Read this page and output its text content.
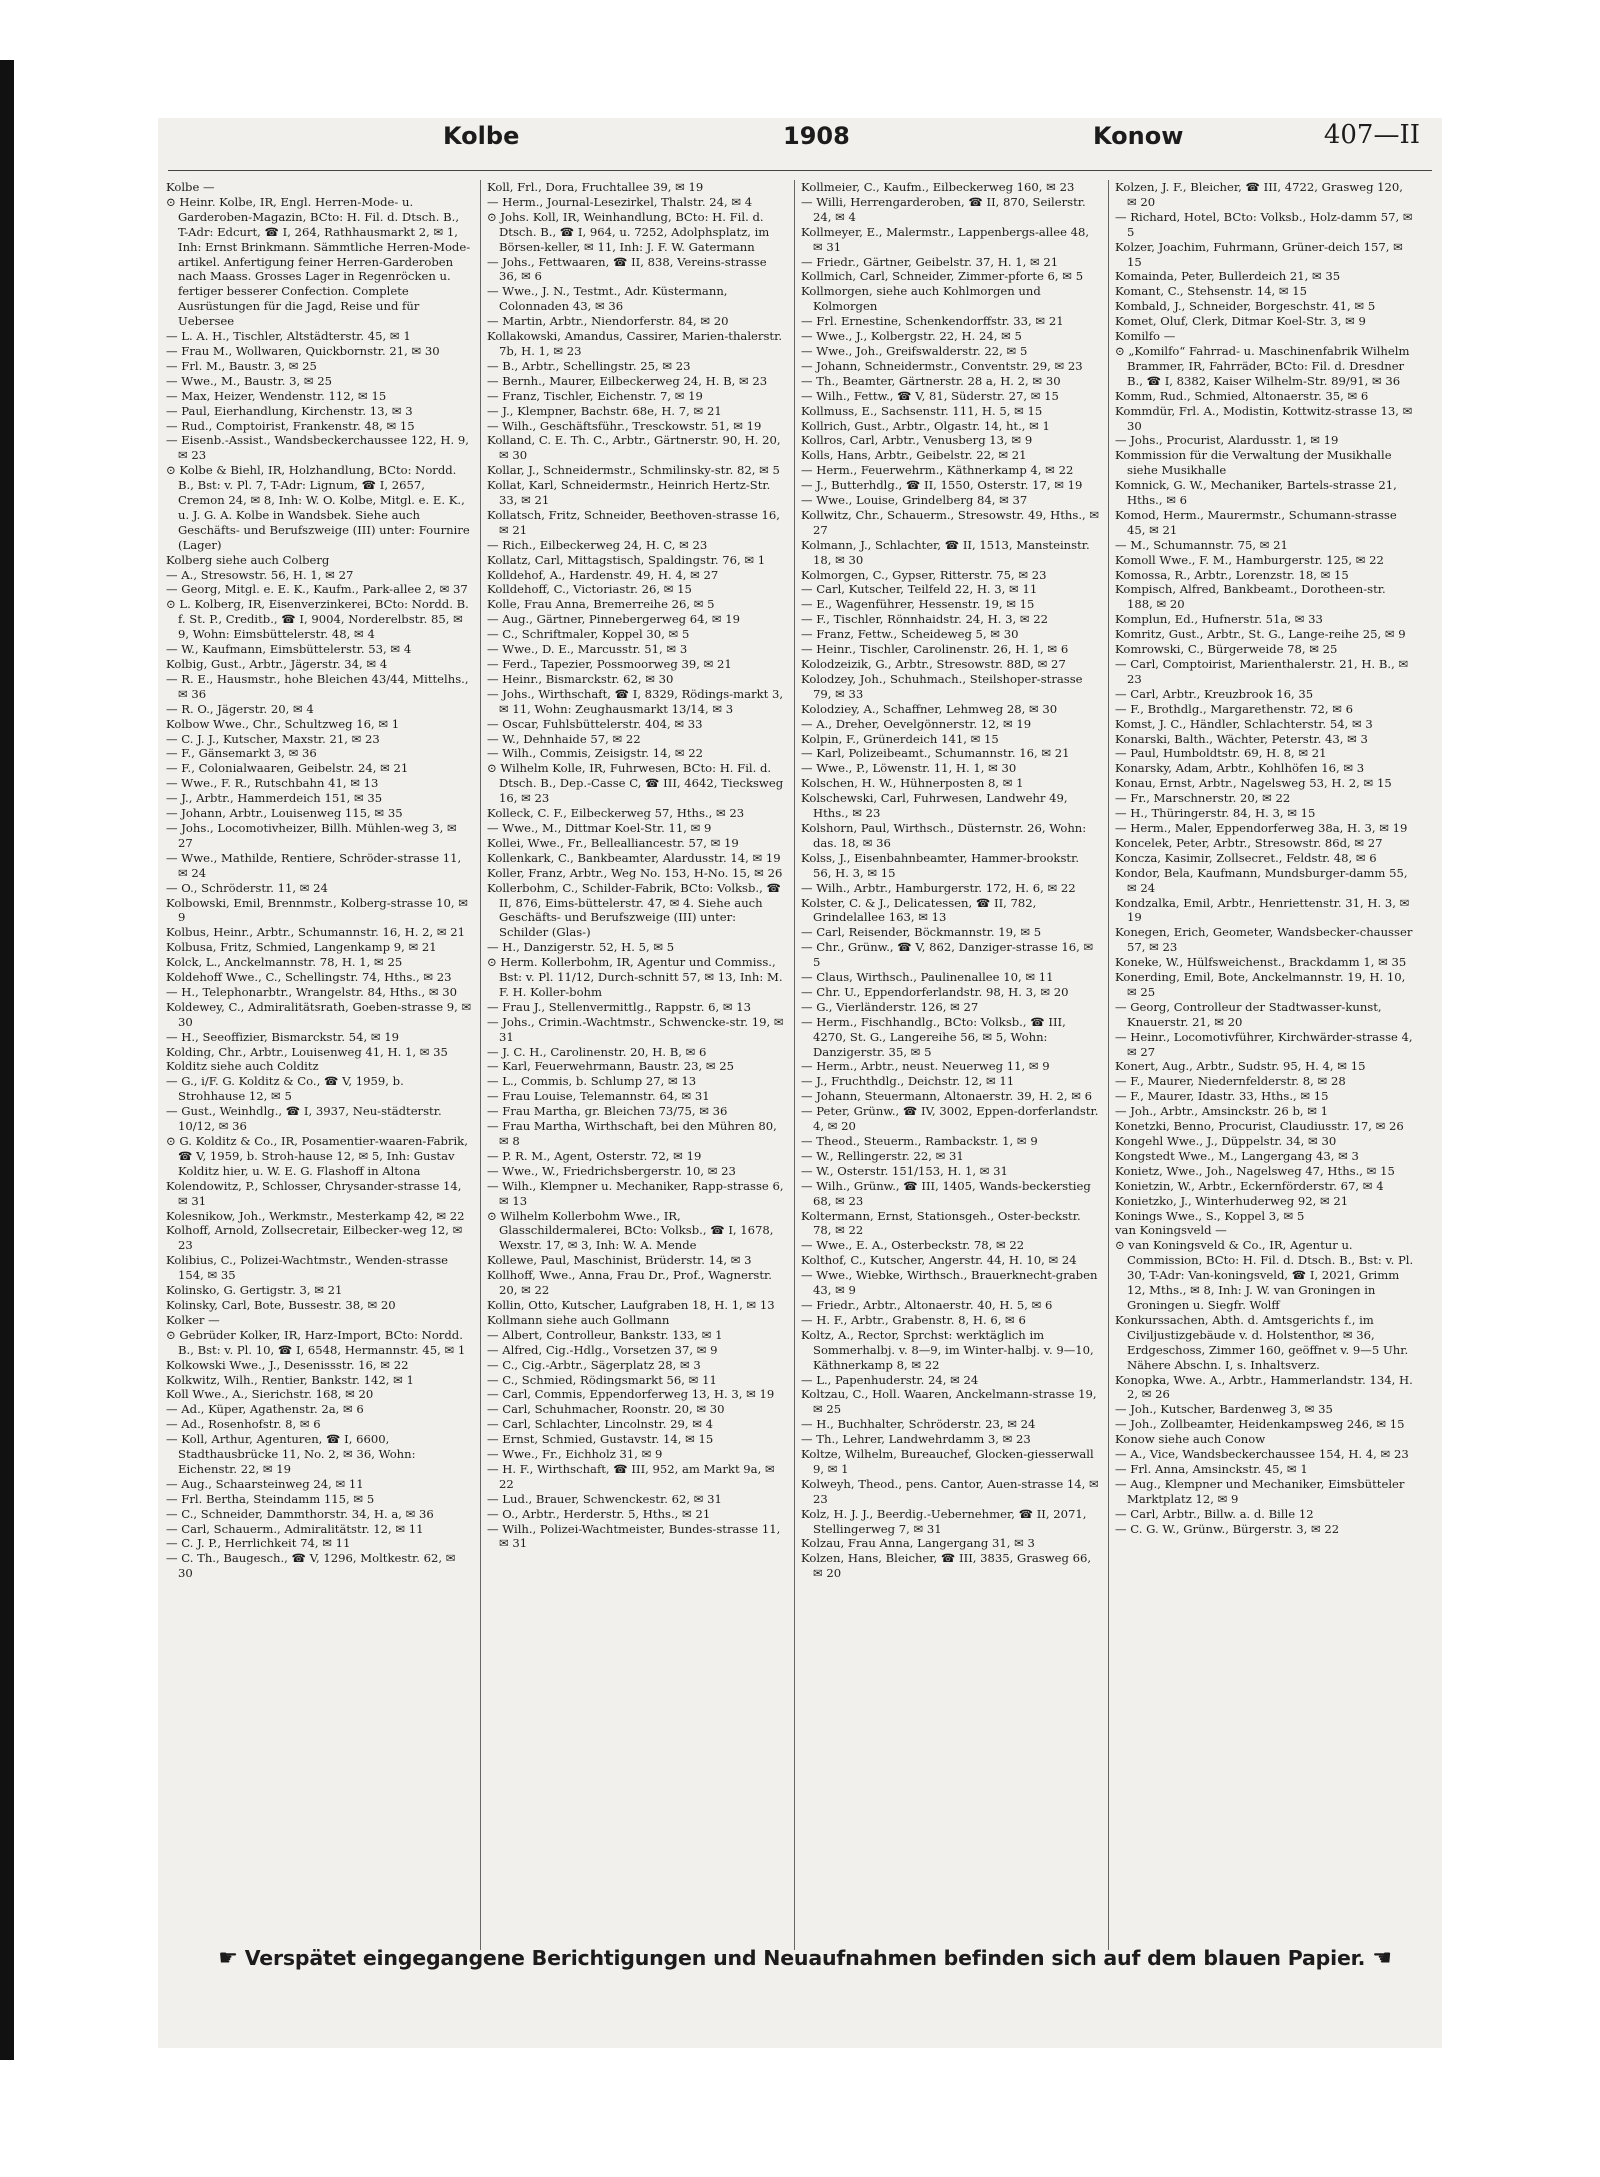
Kolbe	1908	Konow	407—II

Kolbe —

⊙ Heinr. Kolbe, IR, Engl. Herren-Mode- u. Garderoben-Magazin, BCto: H. Fil. d. Dtsch. B., T-Adr: Edcurt, ☎ I, 264, Rathhausmarkt 2, ✉ 1, Inh: Ernst Brinkmann. Sämmtliche Herren-Mode-artikel. Anfertigung feiner Herren-Garderoben nach Maass. Grosses Lager in Regenröcken u. fertiger besserer Confection. Complete Ausrüstungen für die Jagd, Reise und für Uebersee

— L. A. H., Tischler, Altstädterstr. 45, ✉ 1

— Frau M., Wollwaren, Quickbornstr. 21, ✉ 30

— Frl. M., Baustr. 3, ✉ 25

— Wwe., M., Baustr. 3, ✉ 25

— Max, Heizer, Wendenstr. 112, ✉ 15

— Paul, Eierhandlung, Kirchenstr. 13, ✉ 3

— Rud., Comptoirist, Frankenstr. 48, ✉ 15

— Eisenb.-Assist., Wandsbeckerchaussee 122, H. 9, ✉ 23

⊙ Kolbe & Biehl, IR, Holzhandlung, BCto: Nordd. B., Bst: v. Pl. 7, T-Adr: Lignum, ☎ I, 2657, Cremon 24, ✉ 8, Inh: W. O. Kolbe, Mitgl. e. E. K., u. J. G. A. Kolbe in Wandsbek. Siehe auch Geschäfts- und Berufszweige (III) unter: Fournire (Lager)

Kolberg siehe auch Colberg

— A., Stresowstr. 56, H. 1, ✉ 27

— Georg, Mitgl. e. E. K., Kaufm., Park-allee 2, ✉ 37

⊙ L. Kolberg, IR, Eisenverzinkerei, BCto: Nordd. B. f. St. P., Creditb., ☎ I, 9004, Norderelbstr. 85, ✉ 9, Wohn: Eimsbüttelerstr. 48, ✉ 4

— W., Kaufmann, Eimsbüttelerstr. 53, ✉ 4

Kolbig, Gust., Arbtr., Jägerstr. 34, ✉ 4

— R. E., Hausmstr., hohe Bleichen 43/44, Mittelhs., ✉ 36

— R. O., Jägerstr. 20, ✉ 4

Kolbow Wwe., Chr., Schultzweg 16, ✉ 1

— C. J. J., Kutscher, Maxstr. 21, ✉ 23

— F., Gänsemarkt 3, ✉ 36

— F., Colonialwaaren, Geibelstr. 24, ✉ 21

— Wwe., F. R., Rutschbahn 41, ✉ 13

— J., Arbtr., Hammerdeich 151, ✉ 35

— Johann, Arbtr., Louisenweg 115, ✉ 35

— Johs., Locomotivheizer, Billh. Mühlen-weg 3, ✉ 27

— Wwe., Mathilde, Rentiere, Schröder-strasse 11, ✉ 24

— O., Schröderstr. 11, ✉ 24

Kolbowski, Emil, Brennmstr., Kolberg-strasse 10, ✉ 9

Kolbus, Heinr., Arbtr., Schumannstr. 16, H. 2, ✉ 21

Kolbusa, Fritz, Schmied, Langenkamp 9, ✉ 21

Kolck, L., Anckelmannstr. 78, H. 1, ✉ 25

Koldehoff Wwe., C., Schellingstr. 74, Hths., ✉ 23

— H., Telephonarbtr., Wrangelstr. 84, Hths., ✉ 30

Koldewey, C., Admiralitätsrath, Goeben-strasse 9, ✉ 30

— H., Seeoffizier, Bismarckstr. 54, ✉ 19

Kolding, Chr., Arbtr., Louisenweg 41, H. 1, ✉ 35

Kolditz siehe auch Colditz

— G., i/F. G. Kolditz & Co., ☎ V, 1959, b. Strohhause 12, ✉ 5

— Gust., Weinhdlg., ☎ I, 3937, Neu-städterstr. 10/12, ✉ 36

⊙ G. Kolditz & Co., IR, Posamentier-waaren-Fabrik, ☎ V, 1959, b. Stroh-hause 12, ✉ 5, Inh: Gustav Kolditz hier, u. W. E. G. Flashoff in Altona

Kolendowitz, P., Schlosser, Chrysander-strasse 14, ✉ 31

Kolesnikow, Joh., Werkmstr., Mesterkamp 42, ✉ 22

Kolhoff, Arnold, Zollsecretair, Eilbecker-weg 12, ✉ 23

Kolibius, C., Polizei-Wachtmstr., Wenden-strasse 154, ✉ 35

Kolinsko, G. Gertigstr. 3, ✉ 21

Kolinsky, Carl, Bote, Bussestr. 38, ✉ 20

Kolker —

⊙ Gebrüder Kolker, IR, Harz-Import, BCto: Nordd. B., Bst: v. Pl. 10, ☎ I, 6548, Hermannstr. 45, ✉ 1

Kolkowski Wwe., J., Desenissstr. 16, ✉ 22

Kolkwitz, Wilh., Rentier, Bankstr. 142, ✉ 1

Koll Wwe., A., Sierichstr. 168, ✉ 20

— Ad., Küper, Agathenstr. 2a, ✉ 6

— Ad., Rosenhofstr. 8, ✉ 6

— Koll, Arthur, Agenturen, ☎ I, 6600, Stadthausbrücke 11, No. 2, ✉ 36, Wohn: Eichenstr. 22, ✉ 19

— Aug., Schaarsteinweg 24, ✉ 11

— Frl. Bertha, Steindamm 115, ✉ 5

— C., Schneider, Dammthorstr. 34, H. a, ✉ 36

— Carl, Schauerm., Admiralitätstr. 12, ✉ 11

— C. J. P., Herrlichkeit 74, ✉ 11

— C. Th., Baugesch., ☎ V, 1296, Moltkestr. 62, ✉ 30

Koll, Frl., Dora, Fruchtallee 39, ✉ 19

— Herm., Journal-Lesezirkel, Thalstr. 24, ✉ 4

⊙ Johs. Koll, IR, Weinhandlung, BCto: H. Fil. d. Dtsch. B., ☎ I, 964, u. 7252, Adolphsplatz, im Börsen-keller, ✉ 11, Inh: J. F. W. Gatermann

— Johs., Fettwaaren, ☎ II, 838, Vereins-strasse 36, ✉ 6

— Wwe., J. N., Testmt., Adr. Küstermann, Colonnaden 43, ✉ 36

— Martin, Arbtr., Niendorferstr. 84, ✉ 20

Kollakowski, Amandus, Cassirer, Marien-thalerstr. 7b, H. 1, ✉ 23

— B., Arbtr., Schellingstr. 25, ✉ 23

— Bernh., Maurer, Eilbeckerweg 24, H. B, ✉ 23

— Franz, Tischler, Eichenstr. 7, ✉ 19

— J., Klempner, Bachstr. 68e, H. 7, ✉ 21

— Wilh., Geschäftsführ., Tresckowstr. 51, ✉ 19

Kolland, C. E. Th. C., Arbtr., Gärtnerstr. 90, H. 20, ✉ 30

Kollar, J., Schneidermstr., Schmilinsky-str. 82, ✉ 5

Kollat, Karl, Schneidermstr., Heinrich Hertz-Str. 33, ✉ 21

Kollatsch, Fritz, Schneider, Beethoven-strasse 16, ✉ 21

— Rich., Eilbeckerweg 24, H. C, ✉ 23

Kollatz, Carl, Mittagstisch, Spaldingstr. 76, ✉ 1

Kolldehof, A., Hardenstr. 49, H. 4, ✉ 27

Kolldehoff, C., Victoriastr. 26, ✉ 15

Kolle, Frau Anna, Bremerreihe 26, ✉ 5

— Aug., Gärtner, Pinnebergerweg 64, ✉ 19

— C., Schriftmaler, Koppel 30, ✉ 5

— Wwe., D. E., Marcusstr. 51, ✉ 3

— Ferd., Tapezier, Possmoorweg 39, ✉ 21

— Heinr., Bismarckstr. 62, ✉ 30

— Johs., Wirthschaft, ☎ I, 8329, Rödings-markt 3, ✉ 11, Wohn: Zeughausmarkt 13/14, ✉ 3

— Oscar, Fuhlsbüttelerstr. 404, ✉ 33

— W., Dehnhaide 57, ✉ 22

— Wilh., Commis, Zeisigstr. 14, ✉ 22

⊙ Wilhelm Kolle, IR, Fuhrwesen, BCto: H. Fil. d. Dtsch. B., Dep.-Casse C, ☎ III, 4642, Tiecksweg 16, ✉ 23

Kolleck, C. F., Eilbeckerweg 57, Hths., ✉ 23

— Wwe., M., Dittmar Koel-Str. 11, ✉ 9

Kollei, Wwe., Fr., Bellealliancestr. 57, ✉ 19

Kollenkark, C., Bankbeamter, Alardusstr. 14, ✉ 19

Koller, Franz, Arbtr., Weg No. 153, H-No. 15, ✉ 26

Kollerbohm, C., Schilder-Fabrik, BCto: Volksb., ☎ II, 876, Eims-büttelerstr. 47, ✉ 4. Siehe auch Geschäfts- und Berufszweige (III) unter: Schilder (Glas-)

— H., Danzigerstr. 52, H. 5, ✉ 5

⊙ Herm. Kollerbohm, IR, Agentur und Commiss., Bst: v. Pl. 11/12, Durch-schnitt 57, ✉ 13, Inh: M. F. H. Koller-bohm

— Frau J., Stellenvermittlg., Rappstr. 6, ✉ 13

— Johs., Crimin.-Wachtmstr., Schwencke-str. 19, ✉ 31

— J. C. H., Carolinenstr. 20, H. B, ✉ 6

— Karl, Feuerwehrmann, Baustr. 23, ✉ 25

— L., Commis, b. Schlump 27, ✉ 13

— Frau Louise, Telemannstr. 64, ✉ 31

— Frau Martha, gr. Bleichen 73/75, ✉ 36

— Frau Martha, Wirthschaft, bei den Mühren 80, ✉ 8

— P. R. M., Agent, Osterstr. 72, ✉ 19

— Wwe., W., Friedrichsbergerstr. 10, ✉ 23

— Wilh., Klempner u. Mechaniker, Rapp-strasse 6, ✉ 13

⊙ Wilhelm Kollerbohm Wwe., IR, Glasschildermalerei, BCto: Volksb., ☎ I, 1678, Wexstr. 17, ✉ 3, Inh: W. A. Mende

Kollewe, Paul, Maschinist, Brüderstr. 14, ✉ 3

Kollhoff, Wwe., Anna, Frau Dr., Prof., Wagnerstr. 20, ✉ 22

Kollin, Otto, Kutscher, Laufgraben 18, H. 1, ✉ 13

Kollmann siehe auch Gollmann

— Albert, Controlleur, Bankstr. 133, ✉ 1

— Alfred, Cig.-Hdlg., Vorsetzen 37, ✉ 9

— C., Cig.-Arbtr., Sägerplatz 28, ✉ 3

— C., Schmied, Rödingsmarkt 56, ✉ 11

— Carl, Commis, Eppendorferweg 13, H. 3, ✉ 19

— Carl, Schuhmacher, Roonstr. 20, ✉ 30

— Carl, Schlachter, Lincolnstr. 29, ✉ 4

— Ernst, Schmied, Gustavstr. 14, ✉ 15

— Wwe., Fr., Eichholz 31, ✉ 9

— H. F., Wirthschaft, ☎ III, 952, am Markt 9a, ✉ 22

— Lud., Brauer, Schwenckestr. 62, ✉ 31

— O., Arbtr., Herderstr. 5, Hths., ✉ 21

— Wilh., Polizei-Wachtmeister, Bundes-strasse 11, ✉ 31

Kollmeier, C., Kaufm., Eilbeckerweg 160, ✉ 23

— Willi, Herrengarderoben, ☎ II, 870, Seilerstr. 24, ✉ 4

Kollmeyer, E., Malermstr., Lappenbergs-allee 48, ✉ 31

— Friedr., Gärtner, Geibelstr. 37, H. 1, ✉ 21

Kollmich, Carl, Schneider, Zimmer-pforte 6, ✉ 5

Kollmorgen, siehe auch Kohlmorgen und Kolmorgen

— Frl. Ernestine, Schenkendorffstr. 33, ✉ 21

— Wwe., J., Kolbergstr. 22, H. 24, ✉ 5

— Wwe., Joh., Greifswalderstr. 22, ✉ 5

— Johann, Schneidermstr., Conventstr. 29, ✉ 23

— Th., Beamter, Gärtnerstr. 28 a, H. 2, ✉ 30

— Wilh., Fettw., ☎ V, 81, Süderstr. 27, ✉ 15

Kollmuss, E., Sachsenstr. 111, H. 5, ✉ 15

Kollrich, Gust., Arbtr., Olgastr. 14, ht., ✉ 1

Kollros, Carl, Arbtr., Venusberg 13, ✉ 9

Kolls, Hans, Arbtr., Geibelstr. 22, ✉ 21

— Herm., Feuerwehrm., Käthnerkamp 4, ✉ 22

— J., Butterhdlg., ☎ II, 1550, Osterstr. 17, ✉ 19

— Wwe., Louise, Grindelberg 84, ✉ 37

Kollwitz, Chr., Schauerm., Stresowstr. 49, Hths., ✉ 27

Kolmann, J., Schlachter, ☎ II, 1513, Mansteinstr. 18, ✉ 30

Kolmorgen, C., Gypser, Ritterstr. 75, ✉ 23

— Carl, Kutscher, Teilfeld 22, H. 3, ✉ 11

— E., Wagenführer, Hessenstr. 19, ✉ 15

— F., Tischler, Rönnhaidstr. 24, H. 3, ✉ 22

— Franz, Fettw., Scheideweg 5, ✉ 30

— Heinr., Tischler, Carolinenstr. 26, H. 1, ✉ 6

Kolodzeizik, G., Arbtr., Stresowstr. 88D, ✉ 27

Kolodzey, Joh., Schuhmach., Steilshoper-strasse 79, ✉ 33

Kolodziey, A., Schaffner, Lehmweg 28, ✉ 30

— A., Dreher, Oevelgönnerstr. 12, ✉ 19

Kolpin, F., Grünerdeich 141, ✉ 15

— Karl, Polizeibeamt., Schumannstr. 16, ✉ 21

— Wwe., P., Löwenstr. 11, H. 1, ✉ 30

Kolschen, H. W., Hühnerposten 8, ✉ 1

Kolschewski, Carl, Fuhrwesen, Landwehr 49, Hths., ✉ 23

Kolshorn, Paul, Wirthsch., Düsternstr. 26, Wohn: das. 18, ✉ 36

Kolss, J., Eisenbahnbeamter, Hammer-brookstr. 56, H. 3, ✉ 15

— Wilh., Arbtr., Hamburgerstr. 172, H. 6, ✉ 22

Kolster, C. & J., Delicatessen, ☎ II, 782, Grindelallee 163, ✉ 13

— Carl, Reisender, Böckmannstr. 19, ✉ 5

— Chr., Grünw., ☎ V, 862, Danziger-strasse 16, ✉ 5

— Claus, Wirthsch., Paulinenallee 10, ✉ 11

— Chr. U., Eppendorferlandstr. 98, H. 3, ✉ 20

— G., Vierländerstr. 126, ✉ 27

— Herm., Fischhandlg., BCto: Volksb., ☎ III, 4270, St. G., Langereihe 56, ✉ 5, Wohn: Danzigerstr. 35, ✉ 5

— Herm., Arbtr., neust. Neuerweg 11, ✉ 9

— J., Fruchthdlg., Deichstr. 12, ✉ 11

— Johann, Steuermann, Altonaerstr. 39, H. 2, ✉ 6

— Peter, Grünw., ☎ IV, 3002, Eppen-dorferlandstr. 4, ✉ 20

— Theod., Steuerm., Rambackstr. 1, ✉ 9

— W., Rellingerstr. 22, ✉ 31

— W., Osterstr. 151/153, H. 1, ✉ 31

— Wilh., Grünw., ☎ III, 1405, Wands-beckerstieg 68, ✉ 23

Koltermann, Ernst, Stationsgeh., Oster-beckstr. 78, ✉ 22

— Wwe., E. A., Osterbeckstr. 78, ✉ 22

Kolthof, C., Kutscher, Angerstr. 44, H. 10, ✉ 24

— Wwe., Wiebke, Wirthsch., Brauerknecht-graben 43, ✉ 9

— Friedr., Arbtr., Altonaerstr. 40, H. 5, ✉ 6

— H. F., Arbtr., Grabenstr. 8, H. 6, ✉ 6

Koltz, A., Rector, Sprchst: werktäglich im Sommerhalbj. v. 8—9, im Winter-halbj. v. 9—10, Käthnerkamp 8, ✉ 22

— L., Papenhuderstr. 24, ✉ 24

Koltzau, C., Holl. Waaren, Anckelmann-strasse 19, ✉ 25

— H., Buchhalter, Schröderstr. 23, ✉ 24

— Th., Lehrer, Landwehrdamm 3, ✉ 23

Koltze, Wilhelm, Bureauchef, Glocken-giesserwall 9, ✉ 1

Kolweyh, Theod., pens. Cantor, Auen-strasse 14, ✉ 23

Kolz, H. J. J., Beerdig.-Uebernehmer, ☎ II, 2071, Stellingerweg 7, ✉ 31

Kolzau, Frau Anna, Langergang 31, ✉ 3

Kolzen, Hans, Bleicher, ☎ III, 3835, Grasweg 66, ✉ 20

Kolzen, J. F., Bleicher, ☎ III, 4722, Grasweg 120, ✉ 20

— Richard, Hotel, BCto: Volksb., Holz-damm 57, ✉ 5

Kolzer, Joachim, Fuhrmann, Grüner-deich 157, ✉ 15

Komainda, Peter, Bullerdeich 21, ✉ 35

Komant, C., Stehsenstr. 14, ✉ 15

Kombald, J., Schneider, Borgeschstr. 41, ✉ 5

Komet, Oluf, Clerk, Ditmar Koel-Str. 3, ✉ 9

Komilfo —

⊙ „Komilfo“ Fahrrad- u. Maschinenfabrik Wilhelm Brammer, IR, Fahrräder, BCto: Fil. d. Dresdner B., ☎ I, 8382, Kaiser Wilhelm-Str. 89/91, ✉ 36

Komm, Rud., Schmied, Altonaerstr. 35, ✉ 6

Kommdür, Frl. A., Modistin, Kottwitz-strasse 13, ✉ 30

— Johs., Procurist, Alardusstr. 1, ✉ 19

Kommission für die Verwaltung der Musikhalle siehe Musikhalle

Komnick, G. W., Mechaniker, Bartels-strasse 21, Hths., ✉ 6

Komod, Herm., Maurermstr., Schumann-strasse 45, ✉ 21

— M., Schumannstr. 75, ✉ 21

Komoll Wwe., F. M., Hamburgerstr. 125, ✉ 22

Komossa, R., Arbtr., Lorenzstr. 18, ✉ 15

Kompisch, Alfred, Bankbeamt., Dorotheen-str. 188, ✉ 20

Komplun, Ed., Hufnerstr. 51a, ✉ 33

Komritz, Gust., Arbtr., St. G., Lange-reihe 25, ✉ 9

Komrowski, C., Bürgerweide 78, ✉ 25

— Carl, Comptoirist, Marienthalerstr. 21, H. B., ✉ 23

— Carl, Arbtr., Kreuzbrook 16, 35

— F., Brothdlg., Margarethenstr. 72, ✉ 6

Komst, J. C., Händler, Schlachterstr. 54, ✉ 3

Konarski, Balth., Wächter, Peterstr. 43, ✉ 3

— Paul, Humboldtstr. 69, H. 8, ✉ 21

Konarsky, Adam, Arbtr., Kohlhöfen 16, ✉ 3

Konau, Ernst, Arbtr., Nagelsweg 53, H. 2, ✉ 15

— Fr., Marschnerstr. 20, ✉ 22

— H., Thüringerstr. 84, H. 3, ✉ 15

— Herm., Maler, Eppendorferweg 38a, H. 3, ✉ 19

Koncelek, Peter, Arbtr., Stresowstr. 86d, ✉ 27

Koncza, Kasimir, Zollsecret., Feldstr. 48, ✉ 6

Kondor, Bela, Kaufmann, Mundsburger-damm 55, ✉ 24

Kondzalka, Emil, Arbtr., Henriettenstr. 31, H. 3, ✉ 19

Konegen, Erich, Geometer, Wandsbecker-chausser 57, ✉ 23

Koneke, W., Hülfsweichenst., Brackdamm 1, ✉ 35

Konerding, Emil, Bote, Anckelmannstr. 19, H. 10, ✉ 25

— Georg, Controlleur der Stadtwasser-kunst, Knauerstr. 21, ✉ 20

— Heinr., Locomotivführer, Kirchwärder-strasse 4, ✉ 27

Konert, Aug., Arbtr., Sudstr. 95, H. 4, ✉ 15

— F., Maurer, Niedernfelderstr. 8, ✉ 28

— F., Maurer, Idastr. 33, Hths., ✉ 15

— Joh., Arbtr., Amsinckstr. 26 b, ✉ 1

Konetzki, Benno, Procurist, Claudiusstr. 17, ✉ 26

Kongehl Wwe., J., Düppelstr. 34, ✉ 30

Kongstedt Wwe., M., Langergang 43, ✉ 3

Konietz, Wwe., Joh., Nagelsweg 47, Hths., ✉ 15

Konietzin, W., Arbtr., Eckernförderstr. 67, ✉ 4

Konietzko, J., Winterhuderweg 92, ✉ 21

Konings Wwe., S., Koppel 3, ✉ 5

van Koningsveld —

⊙ van Koningsveld & Co., IR, Agentur u. Commission, BCto: H. Fil. d. Dtsch. B., Bst: v. Pl. 30, T-Adr: Van-koningsveld, ☎ I, 2021, Grimm 12, Mths., ✉ 8, Inh: J. W. van Groningen in Groningen u. Siegfr. Wolff

Konkurssachen, Abth. d. Amtsgerichts f., im Civiljustizgebäude v. d. Holstenthor, ✉ 36, Erdgeschoss, Zimmer 160, geöffnet v. 9—5 Uhr. Nähere Abschn. I, s. Inhaltsverz.

Konopka, Wwe. A., Arbtr., Hammerlandstr. 134, H. 2, ✉ 26

— Joh., Kutscher, Bardenweg 3, ✉ 35

— Joh., Zollbeamter, Heidenkampsweg 246, ✉ 15

Konow siehe auch Conow

— A., Vice, Wandsbeckerchaussee 154, H. 4, ✉ 23

— Frl. Anna, Amsinckstr. 45, ✉ 1

— Aug., Klempner und Mechaniker, Eimsbütteler Marktplatz 12, ✉ 9

— Carl, Arbtr., Billw. a. d. Bille 12

— C. G. W., Grünw., Bürgerstr. 3, ✉ 22

☛ Verspätet eingegangene Berichtigungen und Neuaufnahmen befinden sich auf dem blauen Papier. ☚
